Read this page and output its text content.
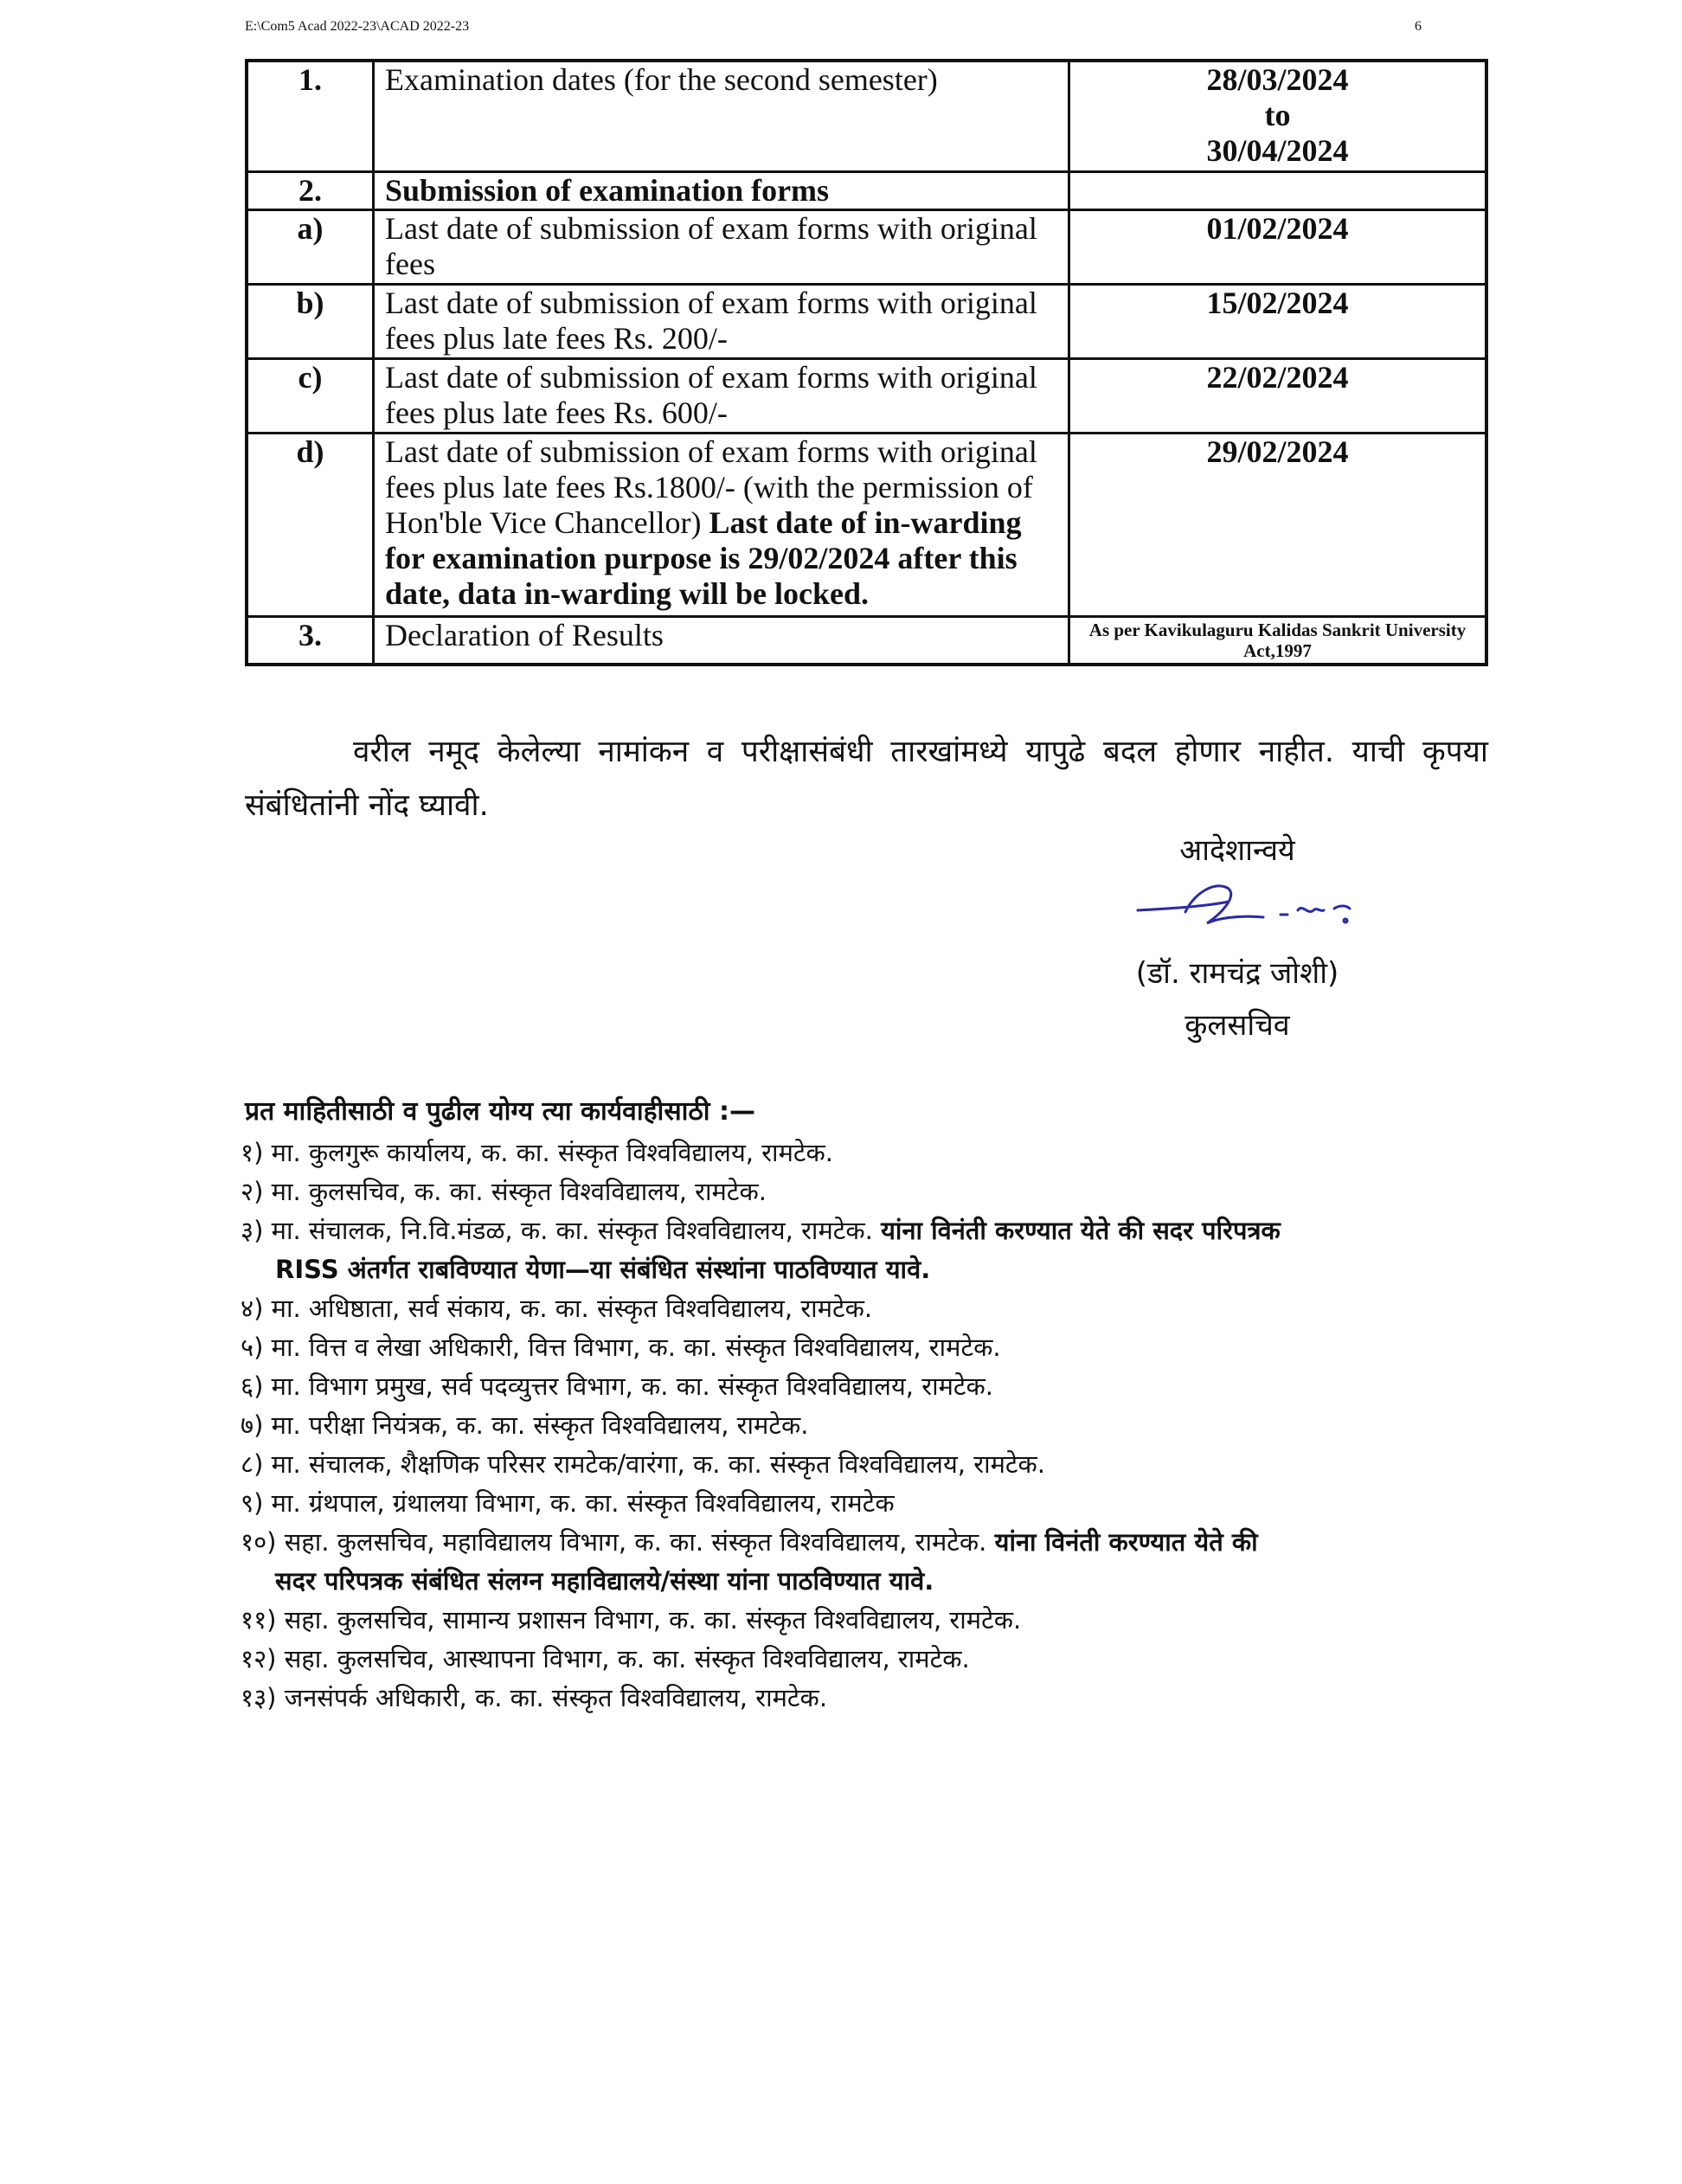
E:\Com5 Acad 2022-23\ACAD 2022-23	6
1.	Examination dates (for the second semester)	28/03/2024
to
30/04/2024

2.	Submission of examination forms	
a)	Last date of submission of exam forms with original fees	01/02/2024
b)	Last date of submission of exam forms with original fees plus late fees Rs. 200/-	15/02/2024
c)	Last date of submission of exam forms with original fees plus late fees Rs. 600/-	22/02/2024
d)	Last date of submission of exam forms with original fees plus late fees Rs.1800/- (with the permission of Hon'ble Vice Chancellor) Last date of in-warding for examination purpose is 29/02/2024 after this date, data in-warding will be locked.	29/02/2024
3.	Declaration of Results	As per Kavikulaguru Kalidas Sankrit University Act,1997
वरील नमूद केलेल्या नामांकन व परीक्षासंबंधी तारखांमध्ये यापुढे बदल होणार नाहीत. याची कृपया संबंधितांनी नोंद घ्यावी.
आदेशान्वये
(डॉ. रामचंद्र जोशी)
कुलसचिव
प्रत माहितीसाठी व पुढील योग्य त्या कार्यवाहीसाठी :—
१) मा. कुलगुरू कार्यालय, क. का. संस्कृत विश्वविद्यालय, रामटेक.
२) मा. कुलसचिव, क. का. संस्कृत विश्वविद्यालय, रामटेक.
३) मा. संचालक, नि.वि.मंडळ, क. का. संस्कृत विश्वविद्यालय, रामटेक. यांना विनंती करण्यात येते की सदर परिपत्रक
RISS अंतर्गत राबविण्यात येणा—या संबंधित संस्थांना पाठविण्यात यावे.
४) मा. अधिष्ठाता, सर्व संकाय, क. का. संस्कृत विश्वविद्यालय, रामटेक.
५) मा. वित्त व लेखा अधिकारी, वित्त विभाग, क. का. संस्कृत विश्वविद्यालय, रामटेक.
६) मा. विभाग प्रमुख, सर्व पदव्युत्तर विभाग, क. का. संस्कृत विश्वविद्यालय, रामटेक.
७) मा. परीक्षा नियंत्रक, क. का. संस्कृत विश्वविद्यालय, रामटेक.
८) मा. संचालक, शैक्षणिक परिसर रामटेक/वारंगा, क. का. संस्कृत विश्वविद्यालय, रामटेक.
९) मा. ग्रंथपाल, ग्रंथालया विभाग, क. का. संस्कृत विश्वविद्यालय, रामटेक
१०) सहा. कुलसचिव, महाविद्यालय विभाग, क. का. संस्कृत विश्वविद्यालय, रामटेक. यांना विनंती करण्यात येते की
सदर परिपत्रक संबंधित संलग्न महाविद्यालये/संस्था यांना पाठविण्यात यावे.
११) सहा. कुलसचिव, सामान्य प्रशासन विभाग, क. का. संस्कृत विश्वविद्यालय, रामटेक.
१२) सहा. कुलसचिव, आस्थापना विभाग, क. का. संस्कृत विश्वविद्यालय, रामटेक.
१३) जनसंपर्क अधिकारी, क. का. संस्कृत विश्वविद्यालय, रामटेक.
